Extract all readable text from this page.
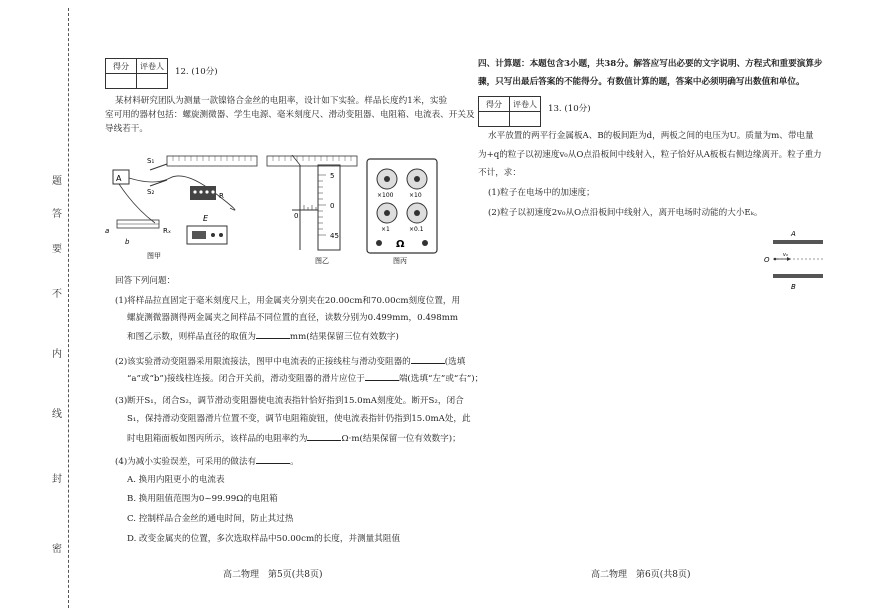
密
封
线
内
不
要
答
题
得分	评卷人

12. (10分)
某材料研究团队为测量一款镍铬合金丝的电阻率，设计如下实验。样品长度约1米，实验
室可用的器材包括：螺旋测微器、学生电源、毫米刻度尺、滑动变阻器、电阻箱、电流表、开关及
导线若干。
A
S₁
S₂	R
a
b
Rₓ
E
图甲
5
0
0
45
图乙
×100	×10
×1	×0.1
Ω
图丙
回答下列问题：
(1)将样品拉直固定于毫米刻度尺上，用金属夹分别夹在20.00cm和70.00cm刻度位置，用
螺旋测微器测得两金属夹之间样品不同位置的直径，读数分别为0.499mm，0.498mm
和图乙示数，则样品直径的取值为	mm(结果保留三位有效数字)
(2)该实验滑动变阻器采用限流接法，图甲中电流表的正接线柱与滑动变阻器的	(选填
“a”或“b”)接线柱连接。闭合开关前，滑动变阻器的滑片应位于	端(选填“左”或“右”)；
(3)断开S₁，闭合S₂，调节滑动变阻器使电流表指针恰好指到15.0mA刻度处。断开S₂，闭合
S₁，保持滑动变阻器滑片位置不变，调节电阻箱旋钮，使电流表指针仍指到15.0mA处，此
时电阻箱面板如图丙所示，该样品的电阻率约为	Ω·m(结果保留一位有效数字)；
(4)为减小实验误差，可采用的做法有	。
A. 换用内阻更小的电流表
B. 换用阻值范围为0~99.99Ω的电阻箱
C. 控制样品合金丝的通电时间，防止其过热
D. 改变金属夹的位置，多次选取样品中50.00cm的长度，并测量其阻值
高二物理　第5页(共8页)
四、计算题：本题包含3小题，共38分。解答应写出必要的文字说明、方程式和重要演算步
骤，只写出最后答案的不能得分。有数值计算的题，答案中必须明确写出数值和单位。
得分	评卷人
	13. (10分)
水平放置的两平行金属板A、B的板间距为d，两板之间的电压为U。质量为m、带电量
为+q的粒子以初速度v₀从O点沿板间中线射入，粒子恰好从A板板右侧边缘离开。粒子重力
不计，求：
(1)粒子在电场中的加速度；
(2)粒子以初速度2v₀从O点沿板间中线射入，离开电场时动能的大小Eₖ。
A
O
v₀
B
高二物理　第6页(共8页)
